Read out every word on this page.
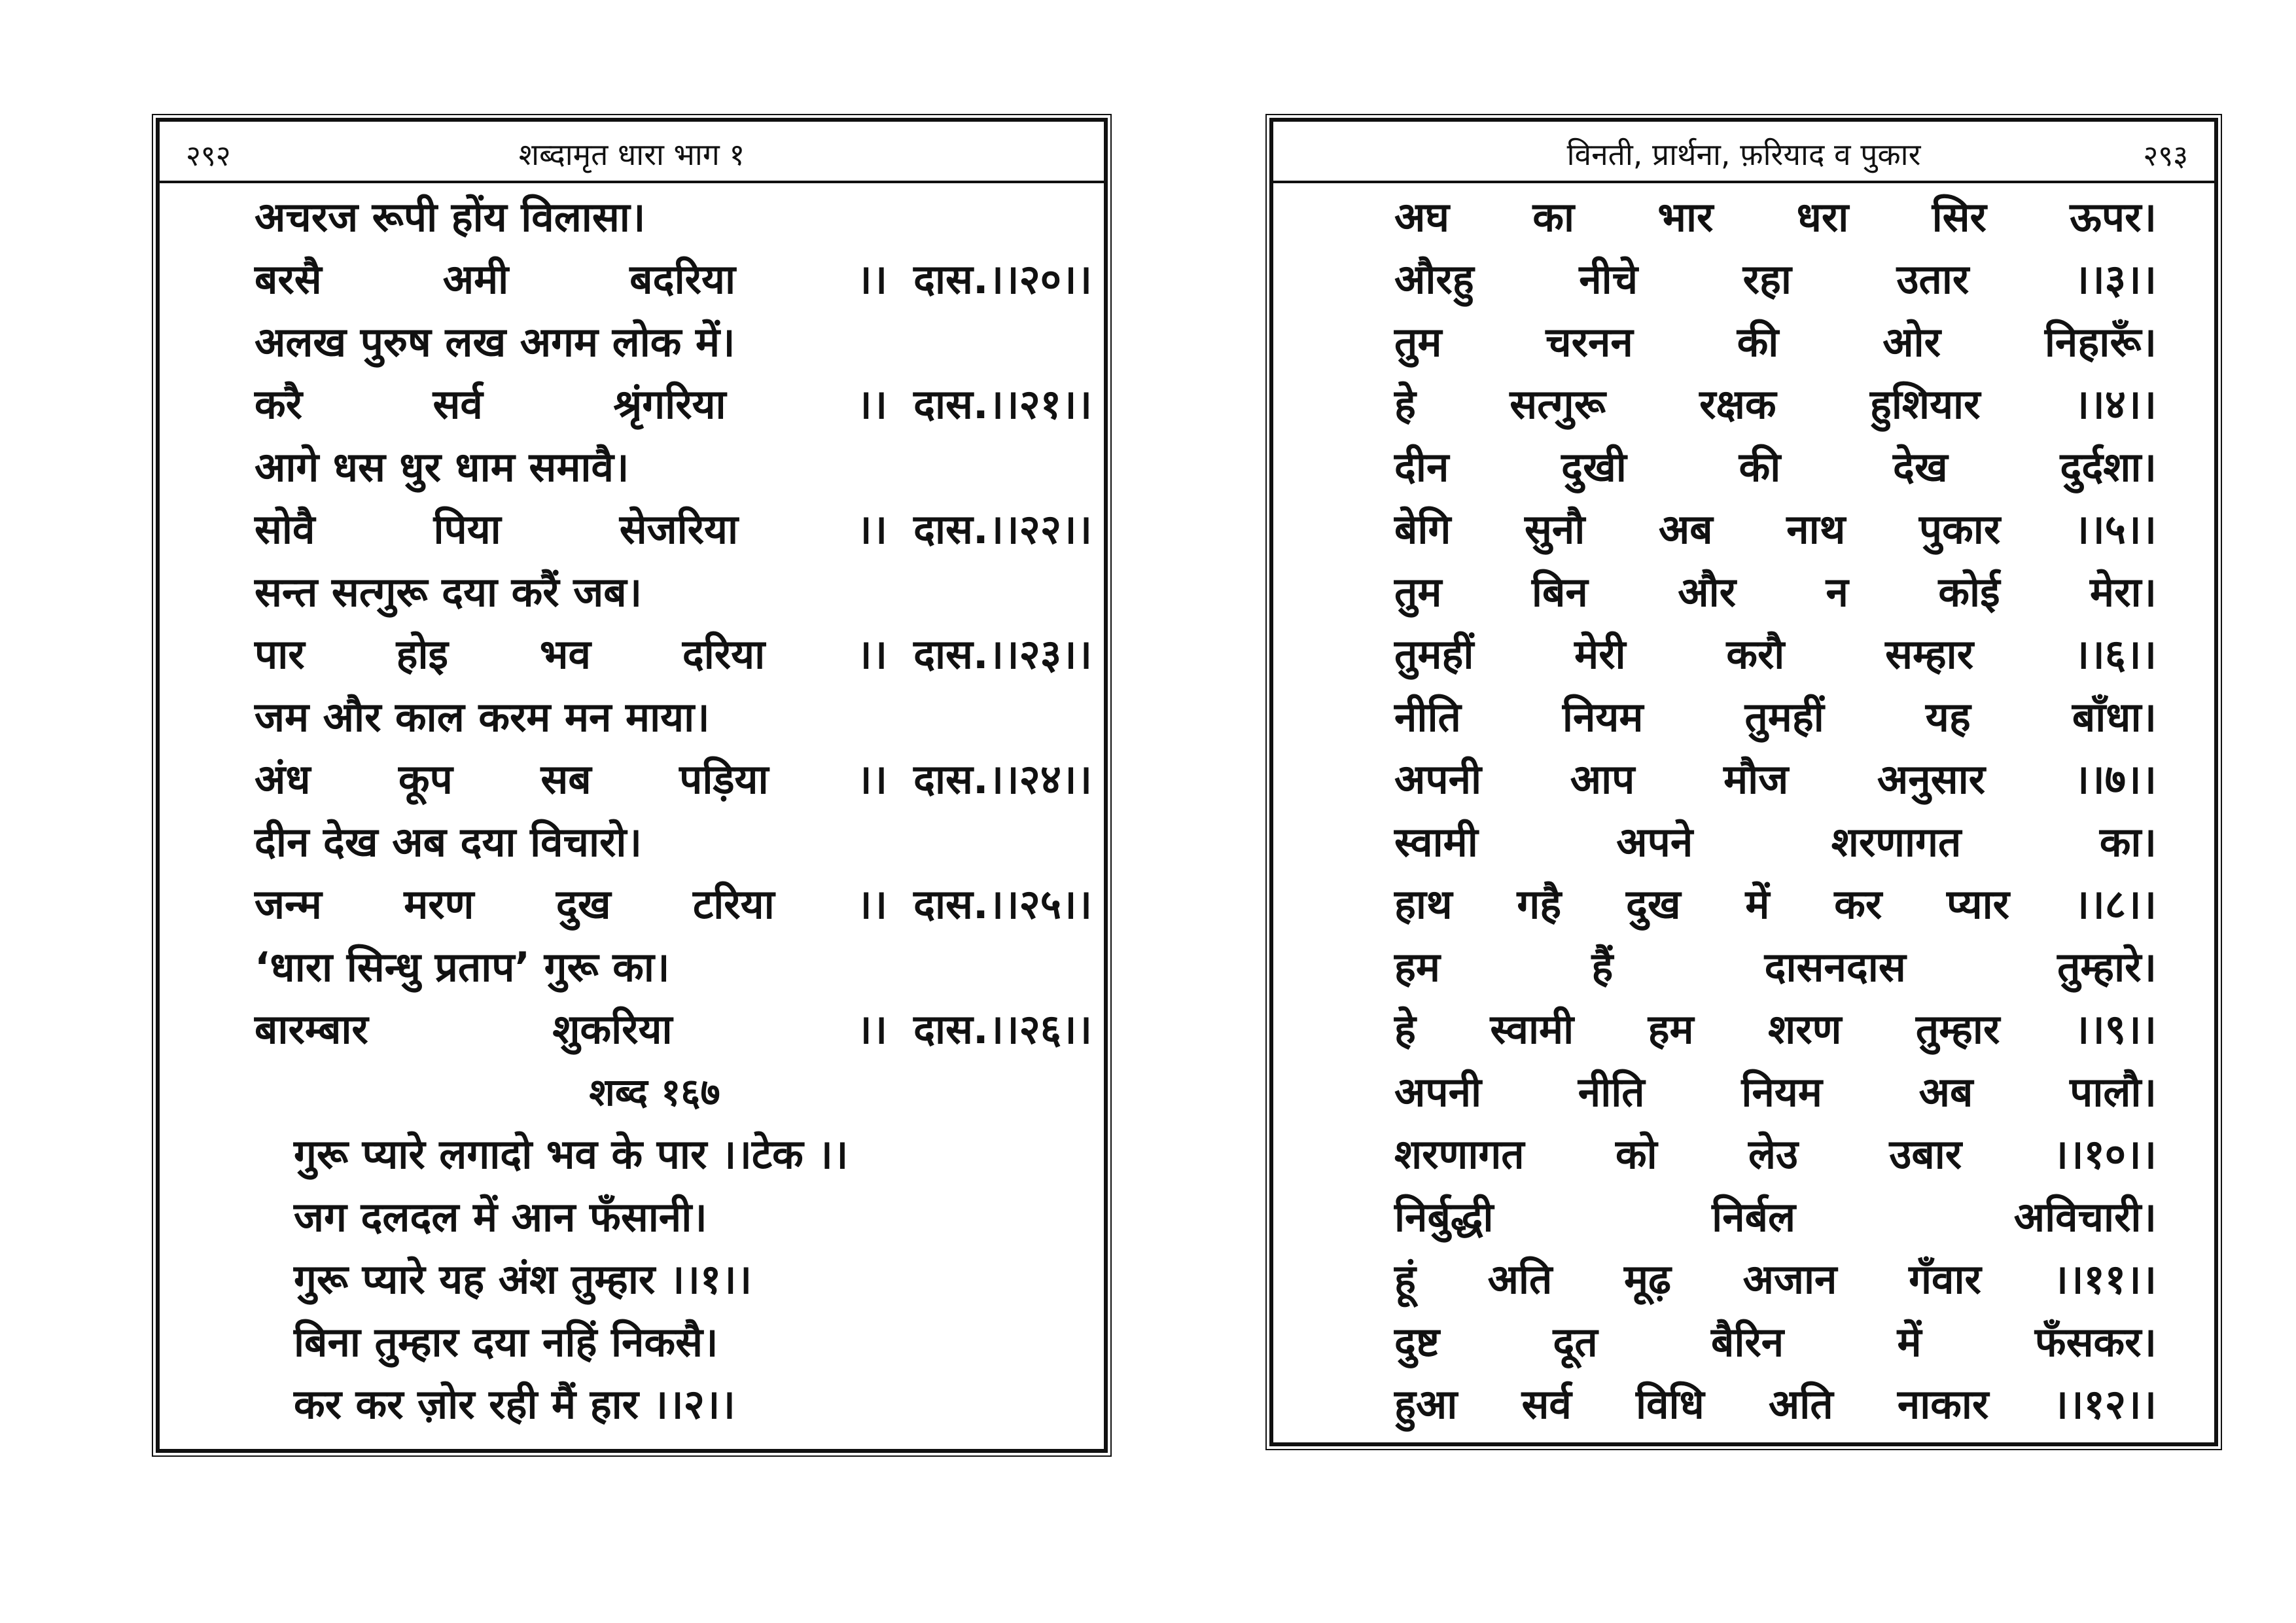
२९२	शब्दामृत धारा भाग १
अचरज रूपी होंय विलासा।
बरसै अमी बदरिया ।। दास.।।२०।।
अलख पुरुष लख अगम लोक में।
करै सर्व श्रृंगरिया ।। दास.।।२१।।
आगे धस धुर धाम समावै।
सोवै पिया सेजरिया ।। दास.।।२२।।
सन्त सत्गुरू दया करैं जब।
पार होइ भव दरिया ।। दास.।।२३।।
जम और काल करम मन माया।
अंध कूप सब पड़िया ।। दास.।।२४।।
दीन देख अब दया विचारो।
जन्म मरण दुख टरिया ।। दास.।।२५।।
‘धारा सिन्धु प्रताप’ गुरू का।
बारम्बार शुकरिया ।। दास.।।२६।।
शब्द १६७
गुरू प्यारे लगादो भव के पार ।।टेक ।।
जग दलदल में आन फँसानी।
गुरू प्यारे यह अंश तुम्हार ।।१।।
बिना तुम्हार दया नहिं निकसै।
कर कर ज़ोर रही मैं हार ।।२।।
विनती, प्रार्थना, फ़रियाद व पुकार	२९३
अघ का भार धरा सिर ऊपर।
औरहु नीचे रहा उतार ।।३।।
तुम चरनन की ओर निहारूँ।
हे सत्गुरू रक्षक हुशियार ।।४।।
दीन दुखी की देख दुर्दशा।
बेगि सुनौ अब नाथ पुकार ।।५।।
तुम बिन और न कोई मेरा।
तुमहीं मेरी करौ सम्हार ।।६।।
नीति नियम तुमहीं यह बाँधा।
अपनी आप मौज अनुसार ।।७।।
स्वामी अपने शरणागत का।
हाथ गहै दुख में कर प्यार ।।८।।
हम हैं दासनदास तुम्हारे।
हे स्वामी हम शरण तुम्हार ।।९।।
अपनी नीति नियम अब पालौ।
शरणागत को लेउ उबार ।।१०।।
निर्बुद्धी निर्बल अविचारी।
हूं अति मूढ़ अजान गँवार ।।११।।
दुष्ट दूत बैरिन में फँसकर।
हुआ सर्व विधि अति नाकार ।।१२।।
